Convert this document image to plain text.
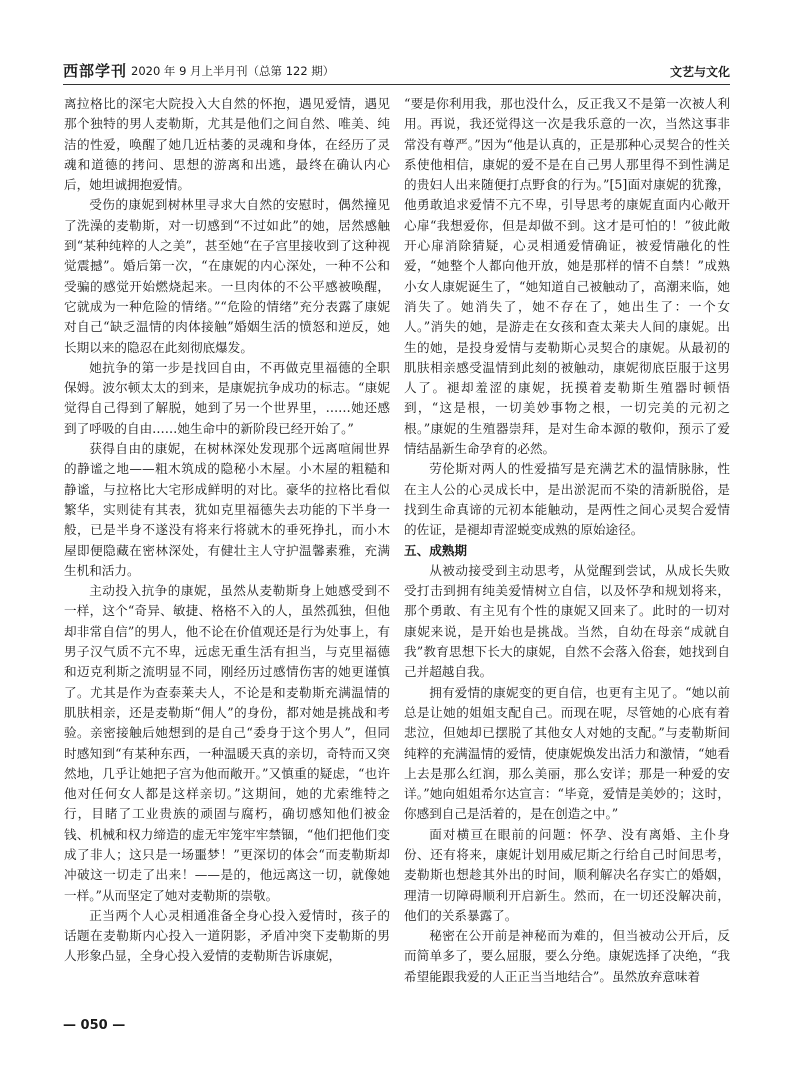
西部学刊 2020 年 9 月上半月刊（总第 122 期）	文艺与文化

离拉格比的深宅大院投入大自然的怀抱，遇见爱情，遇见那个独特的男人麦勒斯，尤其是他们之间自然、唯美、纯洁的性爱，唤醒了她几近枯萎的灵魂和身体，在经历了灵魂和道德的拷问、思想的游离和出逃，最终在确认内心后，她坦诚拥抱爱情。

受伤的康妮到树林里寻求大自然的安慰时，偶然撞见了洗澡的麦勒斯，对一切感到“不过如此”的她，居然感触到“某种纯粹的人之美”，甚至她“在子宫里接收到了这种视觉震撼”。婚后第一次，“在康妮的内心深处，一种不公和受骗的感觉开始燃烧起来。一旦肉体的不公平感被唤醒，它就成为一种危险的情绪。”“危险的情绪”充分表露了康妮对自己“缺乏温情的肉体接触”婚姻生活的愤怒和逆反，她长期以来的隐忍在此刻彻底爆发。

她抗争的第一步是找回自由，不再做克里福德的全职保姆。波尔顿太太的到来，是康妮抗争成功的标志。“康妮觉得自己得到了解脱，她到了另一个世界里，……她还感到了呼吸的自由……她生命中的新阶段已经开始了。”

获得自由的康妮，在树林深处发现那个远离喧闹世界的静谧之地——粗木筑成的隐秘小木屋。小木屋的粗糙和静谧，与拉格比大宅形成鲜明的对比。豪华的拉格比看似繁华，实则徒有其表，犹如克里福德失去功能的下半身一般，已是半身不遂没有将来行将就木的垂死挣扎，而小木屋即便隐藏在密林深处，有健壮主人守护温馨素雅，充满生机和活力。

主动投入抗争的康妮，虽然从麦勒斯身上她感受到不一样，这个“奇异、敏捷、格格不入的人，虽然孤独，但他却非常自信”的男人，他不论在价值观还是行为处事上，有男子汉气质不亢不卑，远虑无重生活有担当，与克里福德和迈克利斯之流明显不同，刚经历过感情伤害的她更谨慎了。尤其是作为查泰莱夫人，不论是和麦勒斯充满温情的肌肤相亲，还是麦勒斯“佣人”的身份，都对她是挑战和考验。亲密接触后她想到的是自己“委身于这个男人”，但同时感知到“有某种东西，一种温暖天真的亲切，奇特而又突然地，几乎让她把子宫为他而敞开。”又慎重的疑虑，“也许他对任何女人都是这样亲切。”这期间，她的尤索维特之行，目睹了工业贵族的顽固与腐朽，确切感知他们被金钱、机械和权力缔造的虚无牢笼牢牢禁锢，“他们把他们变成了非人；这只是一场噩梦！”更深切的体会“而麦勒斯却冲破这一切走了出来！——是的，他远离这一切，就像她一样。”从而坚定了她对麦勒斯的崇敬。

正当两个人心灵相通准备全身心投入爱情时，孩子的话题在麦勒斯内心投入一道阴影，矛盾冲突下麦勒斯的男人形象凸显，全身心投入爱情的麦勒斯告诉康妮，

“要是你利用我，那也没什么，反正我又不是第一次被人利用。再说，我还觉得这一次是我乐意的一次，当然这事非常没有尊严。”因为“他是认真的，正是那种心灵契合的性关系使他相信，康妮的爱不是在自己男人那里得不到性满足的贵妇人出来随便打点野食的行为。”[5]面对康妮的犹豫，他勇敢追求爱情不亢不卑，引导思考的康妮直面内心敞开心扉“我想爱你，但是却做不到。这才是可怕的！”彼此敞开心扉消除猜疑，心灵相通爱情确证，被爱情融化的性爱，“她整个人都向他开放，她是那样的情不自禁！”成熟小女人康妮诞生了，“她知道自己被触动了，高潮来临，她消失了。她消失了，她不存在了，她出生了：一个女人。”消失的她，是游走在女孩和查太莱夫人间的康妮。出生的她，是投身爱情与麦勒斯心灵契合的康妮。从最初的肌肤相亲感受温情到此刻的被触动，康妮彻底臣服于这男人了。褪却羞涩的康妮，抚摸着麦勒斯生殖器时顿悟到，“这是根，一切美妙事物之根，一切完美的元初之根。”康妮的生殖器崇拜，是对生命本源的敬仰，预示了爱情结晶新生命孕育的必然。

劳伦斯对两人的性爱描写是充满艺术的温情脉脉，性在主人公的心灵成长中，是出淤泥而不染的清新脱俗，是找到生命真谛的元初本能触动，是两性之间心灵契合爱情的佐证，是褪却青涩蜕变成熟的原始途径。

五、成熟期

从被动接受到主动思考，从觉醒到尝试，从成长失败受打击到拥有纯美爱情树立自信，以及怀孕和规划将来，那个勇敢、有主见有个性的康妮又回来了。此时的一切对康妮来说，是开始也是挑战。当然，自幼在母亲“成就自我”教育思想下长大的康妮，自然不会落入俗套，她找到自己并超越自我。

拥有爱情的康妮变的更自信，也更有主见了。“她以前总是让她的姐姐支配自己。而现在呢，尽管她的心底有着悲泣，但她却已摆脱了其他女人对她的支配。”与麦勒斯间纯粹的充满温情的爱情，使康妮焕发出活力和激情，“她看上去是那么红润，那么美丽，那么安详；那是一种爱的安详。”她向姐姐希尔达宣言：“毕竟，爱情是美妙的；这时，你感到自己是活着的，是在创造之中。”

面对横亘在眼前的问题：怀孕、没有离婚、主仆身份、还有将来，康妮计划用威尼斯之行给自己时间思考，麦勒斯也想趁其外出的时间，顺利解决名存实亡的婚姻，理清一切障碍顺利开启新生。然而，在一切还没解决前，他们的关系暴露了。

秘密在公开前是神秘而为难的，但当被动公开后，反而简单多了，要么屈服，要么分绝。康妮选择了决绝，“我希望能跟我爱的人正正当当地结合”。虽然放弃意味着

— 050 —
